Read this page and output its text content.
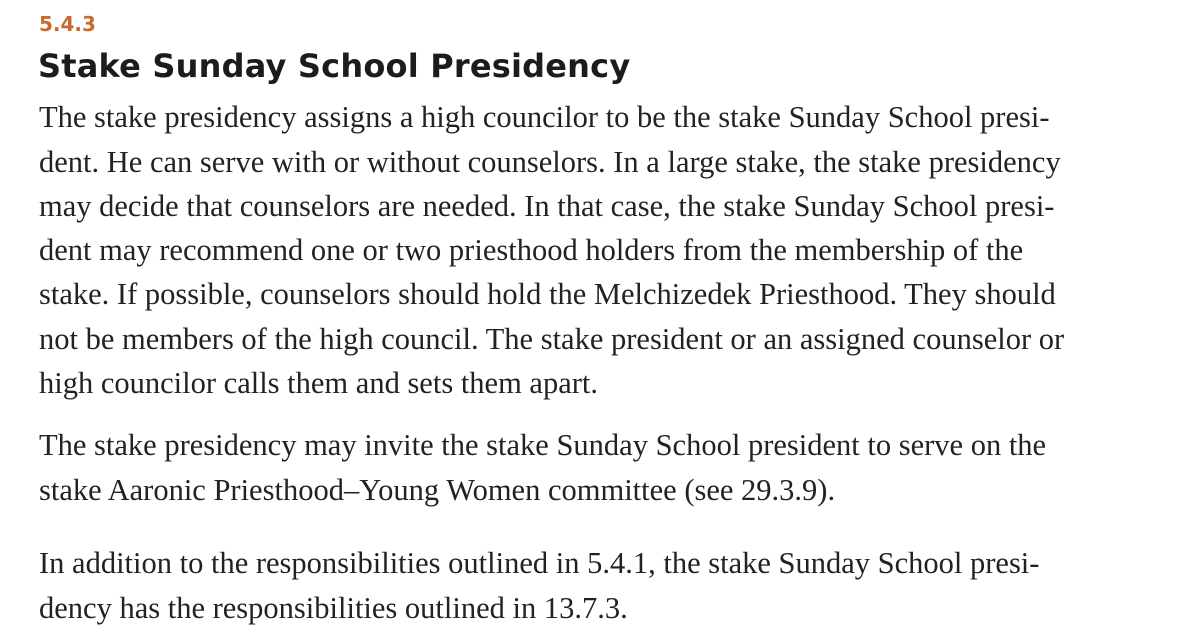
5.4.3
Stake Sunday School Presidency

The stake presidency assigns a high councilor to be the stake Sunday School presi-

dent. He can serve with or without counselors. In a large stake, the stake presidency

may decide that counselors are needed. In that case, the stake Sunday School presi-

dent may recommend one or two priesthood holders from the membership of the

stake. If possible, counselors should hold the Melchizedek Priesthood. They should

not be members of the high council. The stake president or an assigned counselor or

high councilor calls them and sets them apart.

The stake presidency may invite the stake Sunday School president to serve on the

stake Aaronic Priesthood–Young Women committee (see 29.3.9).

In addition to the responsibilities outlined in 5.4.1, the stake Sunday School presi-

dency has the responsibilities outlined in 13.7.3.
